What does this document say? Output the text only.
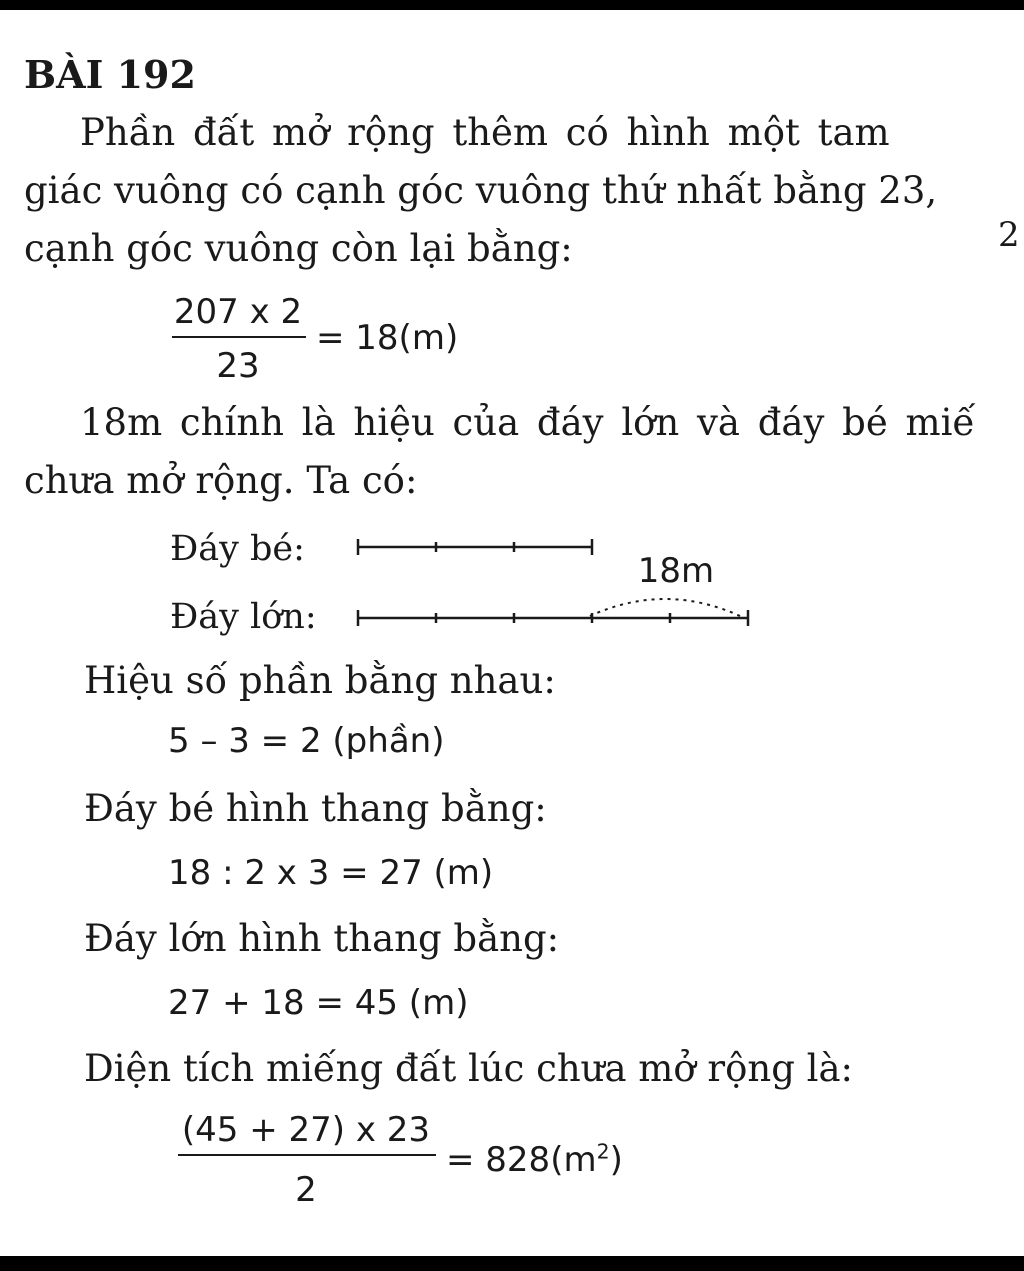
BÀI 192
Phần đất mở rộng thêm có hình một tam
giác vuông có cạnh góc vuông thứ nhất bằng 23,
cạnh góc vuông còn lại bằng:	2
207 x 2
23
= 18(m)
18m chính là hiệu của đáy lớn và đáy bé miế
chưa mở rộng. Ta có:
Đáy bé:
Đáy lớn:
18m
Hiệu số phần bằng nhau:
5 – 3 = 2 (phần)
Đáy bé hình thang bằng:
18 : 2 x 3 = 27 (m)
Đáy lớn hình thang bằng:
27 + 18 = 45 (m)
Diện tích miếng đất lúc chưa mở rộng là:
(45 + 27) x 23
2
= $828(m^2)$
